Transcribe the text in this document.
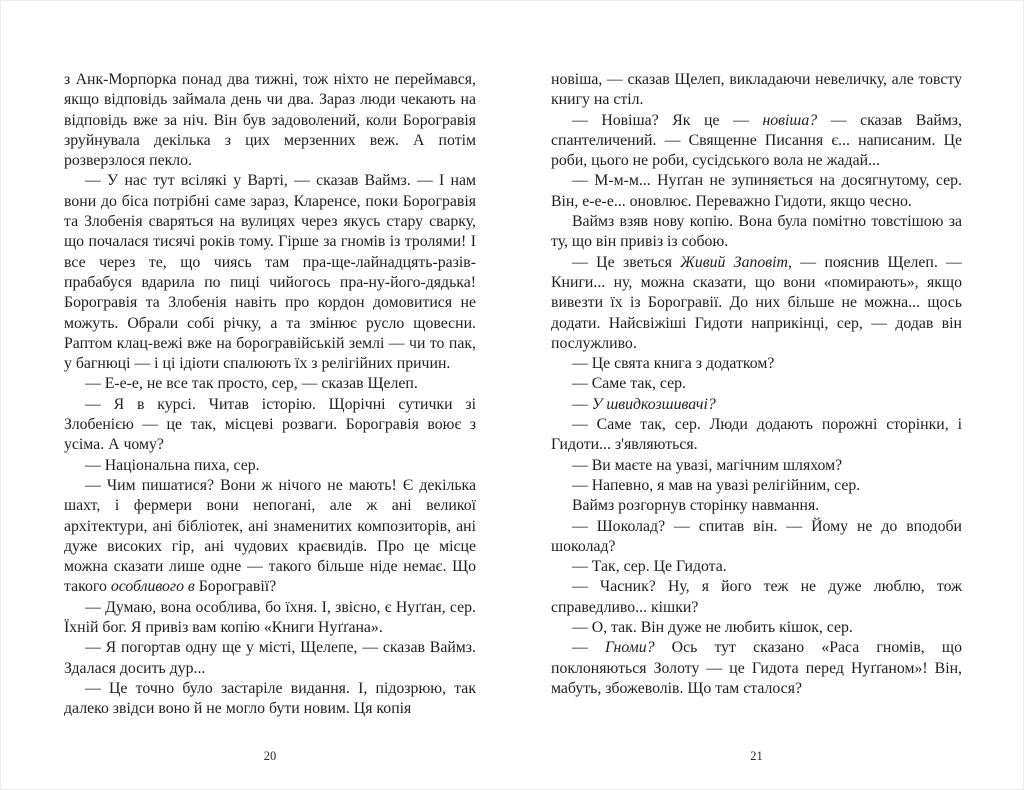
з Анк-Морпорка понад два тижні, тож ніхто не переймався, якщо відповідь займала день чи два. Зараз люди чекають на відповідь вже за ніч. Він був задоволений, коли Борогравія зруйнувала декілька з цих мерзенних веж. А потім розверзлося пекло.

— У нас тут всілякі у Варті, — сказав Ваймз. — І нам вони до біса потрібні саме зараз, Кларенсе, поки Борогравія та Злобенія сваряться на вулицях через якусь стару сварку, що почалася тисячі років тому. Гірше за гномів із тролями! І все через те, що чиясь там пра-ще-лайнадцять-разів-прабабуся вдарила по пиці чийогось пра-ну-його-дядька! Борогравія та Злобенія навіть про кордон домовитися не можуть. Обрали собі річку, а та змінює русло щовесни. Раптом клац-вежі вже на борогравійській землі — чи то пак, у багнюці — і ці ідіоти спалюють їх з релігійних причин.

— Е-е-е, не все так просто, сер, — сказав Щелеп.

— Я в курсі. Читав історію. Щорічні сутички зі Злобенією — це так, місцеві розваги. Борогравія воює з усіма. А чому?

— Національна пиха, сер.

— Чим пишатися? Вони ж нічого не мають! Є декілька шахт, і фермери вони непогані, але ж ані великої архітектури, ані бібліотек, ані знаменитих композиторів, ані дуже високих гір, ані чудових краєвидів. Про це місце можна сказати лише одне — такого більше ніде немає. Що такого особливого в Борогравії?

— Думаю, вона особлива, бо їхня. І, звісно, є Нуґґан, сер. Їхній бог. Я привіз вам копію «Книги Нуґґана».

— Я погортав одну ще у місті, Щелепе, — сказав Ваймз. Здалася досить дур...

— Це точно було застаріле видання. І, підозрюю, так далеко звідси воно й не могло бути новим. Ця копія

20

новіша, — сказав Щелеп, викладаючи невеличку, але товсту книгу на стіл.

— Новіша? Як це — новіша? — сказав Ваймз, спантеличений. — Священне Писання є... написаним. Це роби, цього не роби, сусідського вола не жадай...

— М-м-м... Нуґґан не зупиняється на досягнутому, сер. Він, е-е-е... оновлює. Переважно Гидоти, якщо чесно.

Ваймз взяв нову копію. Вона була помітно товстішою за ту, що він привіз із собою.

— Це зветься Живий Заповіт, — пояснив Щелеп. — Книги... ну, можна сказати, що вони «помирають», якщо вивезти їх із Борогравії. До них більше не можна... щось додати. Найсвіжіші Гидоти наприкінці, сер, — додав він послужливо.

— Це свята книга з додатком?

— Саме так, сер.

— У швидкозшивачі?

— Саме так, сер. Люди додають порожні сторінки, і Гидоти... з'являються.

— Ви маєте на увазі, магічним шляхом?

— Напевно, я мав на увазі релігійним, сер.

Ваймз розгорнув сторінку навмання.

— Шоколад? — спитав він. — Йому не до вподоби шоколад?

— Так, сер. Це Гидота.

— Часник? Ну, я його теж не дуже люблю, тож справедливо... кішки?

— О, так. Він дуже не любить кішок, сер.

— Гноми? Ось тут сказано «Раса гномів, що поклоняються Золоту — це Гидота перед Нуґґаном»! Він, мабуть, збожеволів. Що там сталося?

21
